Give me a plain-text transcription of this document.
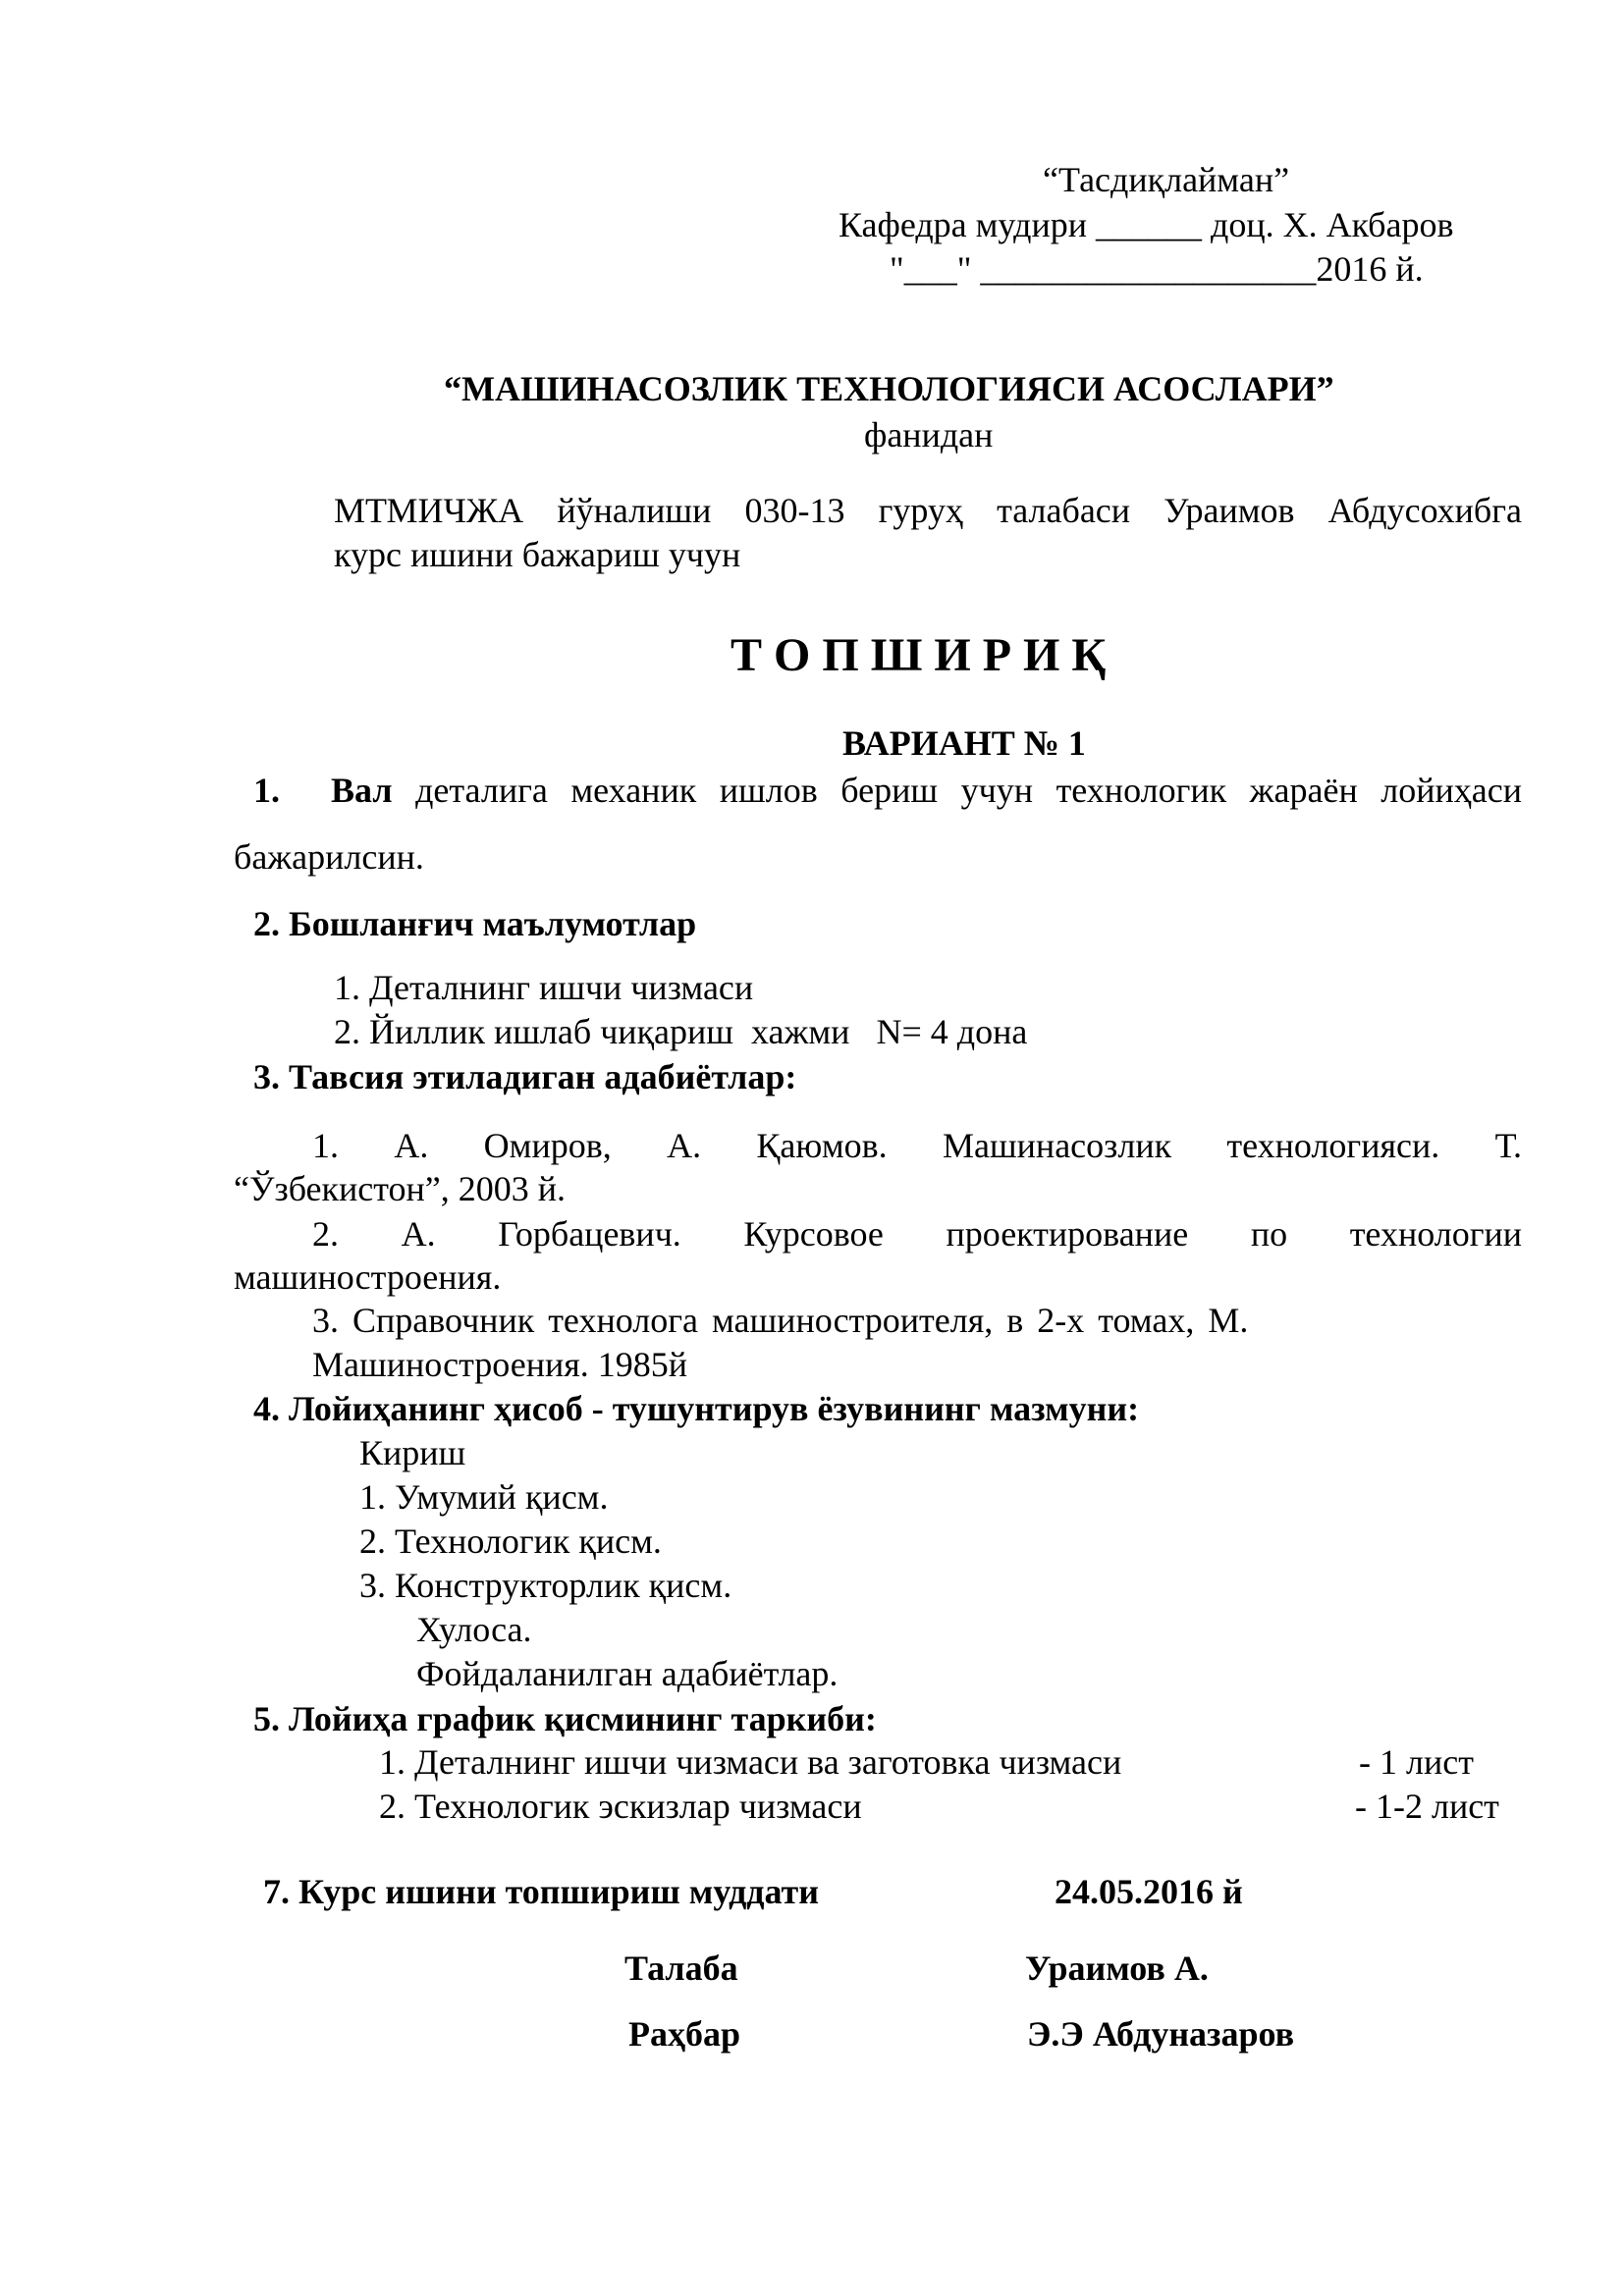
“Тасдиқлайман”
Кафедра мудири ______ доц. Х. Акбаров
"___" ___________________2016 й.
“МАШИНАСОЗЛИК ТЕХНОЛОГИЯСИ АСОСЛАРИ”
фанидан
МТМИЧЖА йўналиши 030-13 гуруҳ талабаси Ураимов Абдусохибга
курс ишини бажариш учун
Т О П Ш И Р И Қ
ВАРИАНТ № 1
1. Вал деталига механик ишлов бериш учун технологик жараён лойиҳаси
бажарилсин.
2. Бошланғич маълумотлар
1. Деталнинг ишчи чизмаси
2. Йиллик ишлаб чиқариш  хажми   N= 4 дона
3. Тавсия этиладиган адабиётлар:
1. А. Омиров, А. Қаюмов. Машинасозлик технологияси. Т.
“Ўзбекистон”, 2003 й.
2. А. Горбацевич. Курсовое проектирование по технологии
машиностроения.
3. Справочник технолога машиностроителя, в 2-х томах, М.
Машиностроения. 1985й
4. Лойиҳанинг ҳисоб - тушунтирув ёзувининг мазмуни:
Кириш
1. Умумий қисм.
2. Технологик қисм.
3. Конструкторлик қисм.
Хулоса.
Фойдаланилган адабиётлар.
5. Лойиҳа график қисмининг таркиби:
1. Деталнинг ишчи чизмаси ва заготовка чизмаси	- 1 лист
2. Технологик эскизлар чизмаси	- 1-2 лист
7. Курс ишини топшириш муддати	24.05.2016 й
Талаба	Ураимов А.
Раҳбар	Э.Э Абдуназаров
